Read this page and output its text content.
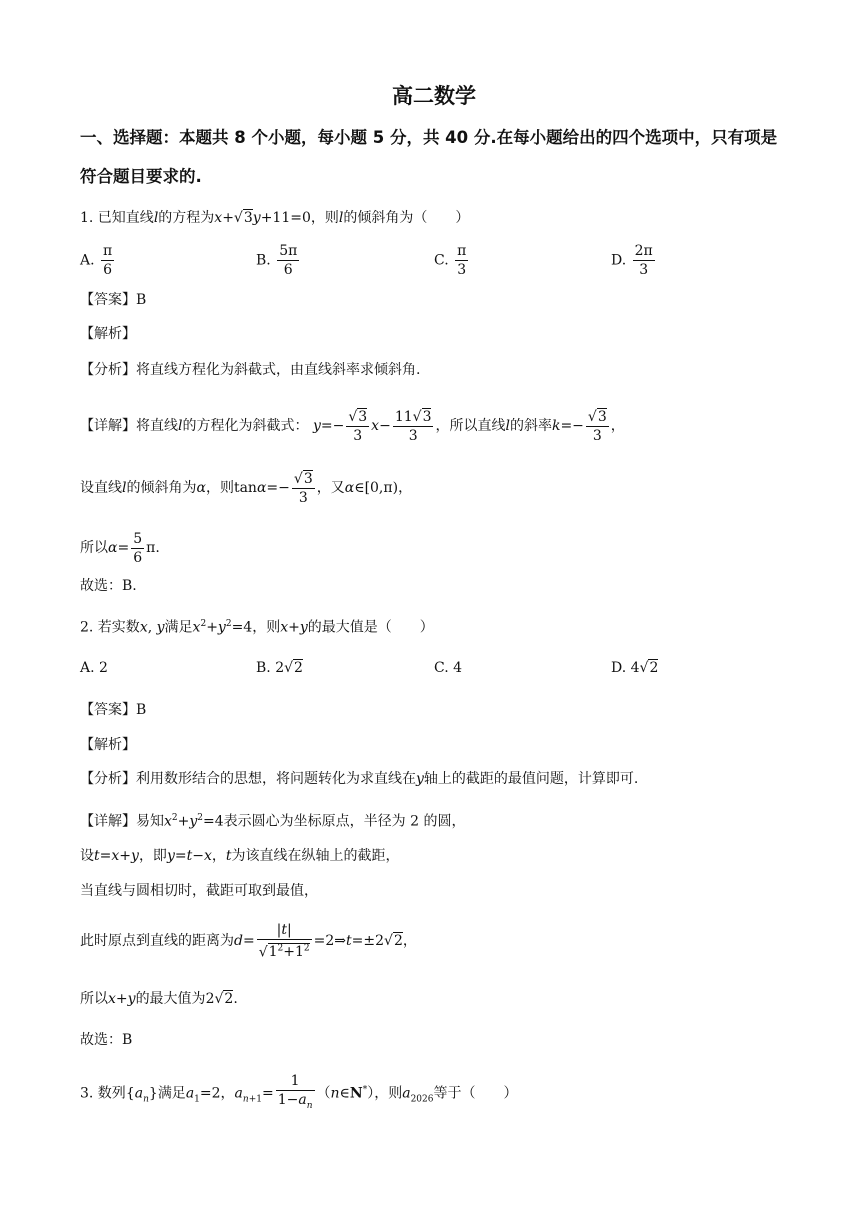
高二数学
一、选择题：本题共 8 个小题，每小题 5 分，共 40 分.在每小题给出的四个选项中，只有项是
符合题目要求的.
1. 已知直线l的方程为x+√3y+11=0，则l的倾斜角为（　　）
A. $\frac{\pi}{6}$	B. $\frac{5\pi}{6}$	C. $\frac{\pi}{3}$	D. $\frac{2\pi}{3}$
【答案】B
【解析】
【分析】将直线方程化为斜截式，由直线斜率求倾斜角.
【详解】将直线l的方程化为斜截式： $y=- \frac{√3}{3} x- \frac{11√3}{3}$ ，所以直线l的斜率$k=- \frac{√3}{3}$ ，
设直线l的倾斜角为α，则$\tan\alpha=- \frac{√3}{3}$ ，又α∈[0,π)，
所以$\alpha= \frac{5}{6} \pi$.
故选：B.
2. 若实数x, y满足$x^2+y^2=4$，则x+y的最大值是（　　）
A. 2	B. 2√2	C. 4	D. 4√2
【答案】B
【解析】
【分析】利用数形结合的思想，将问题转化为求直线在y轴上的截距的最值问题，计算即可.
【详解】易知$x^2+y^2=4$表示圆心为坐标原点，半径为 2 的圆，
设t=x+y，即y=t−x，t为该直线在纵轴上的截距，
当直线与圆相切时，截距可取到最值，
此时原点到直线的距离为$d= \frac{|t|}{√1^2+1^2}$ =2⇒t=±2√2，
所以x+y的最大值为2√2.
故选：B
3. 数列$\{a_n\}$满足$a_1=2$，$a_{n+1}= \frac{1}{1-a_n}$ （n∈N*），则$a_{2026}$等于（　　）
